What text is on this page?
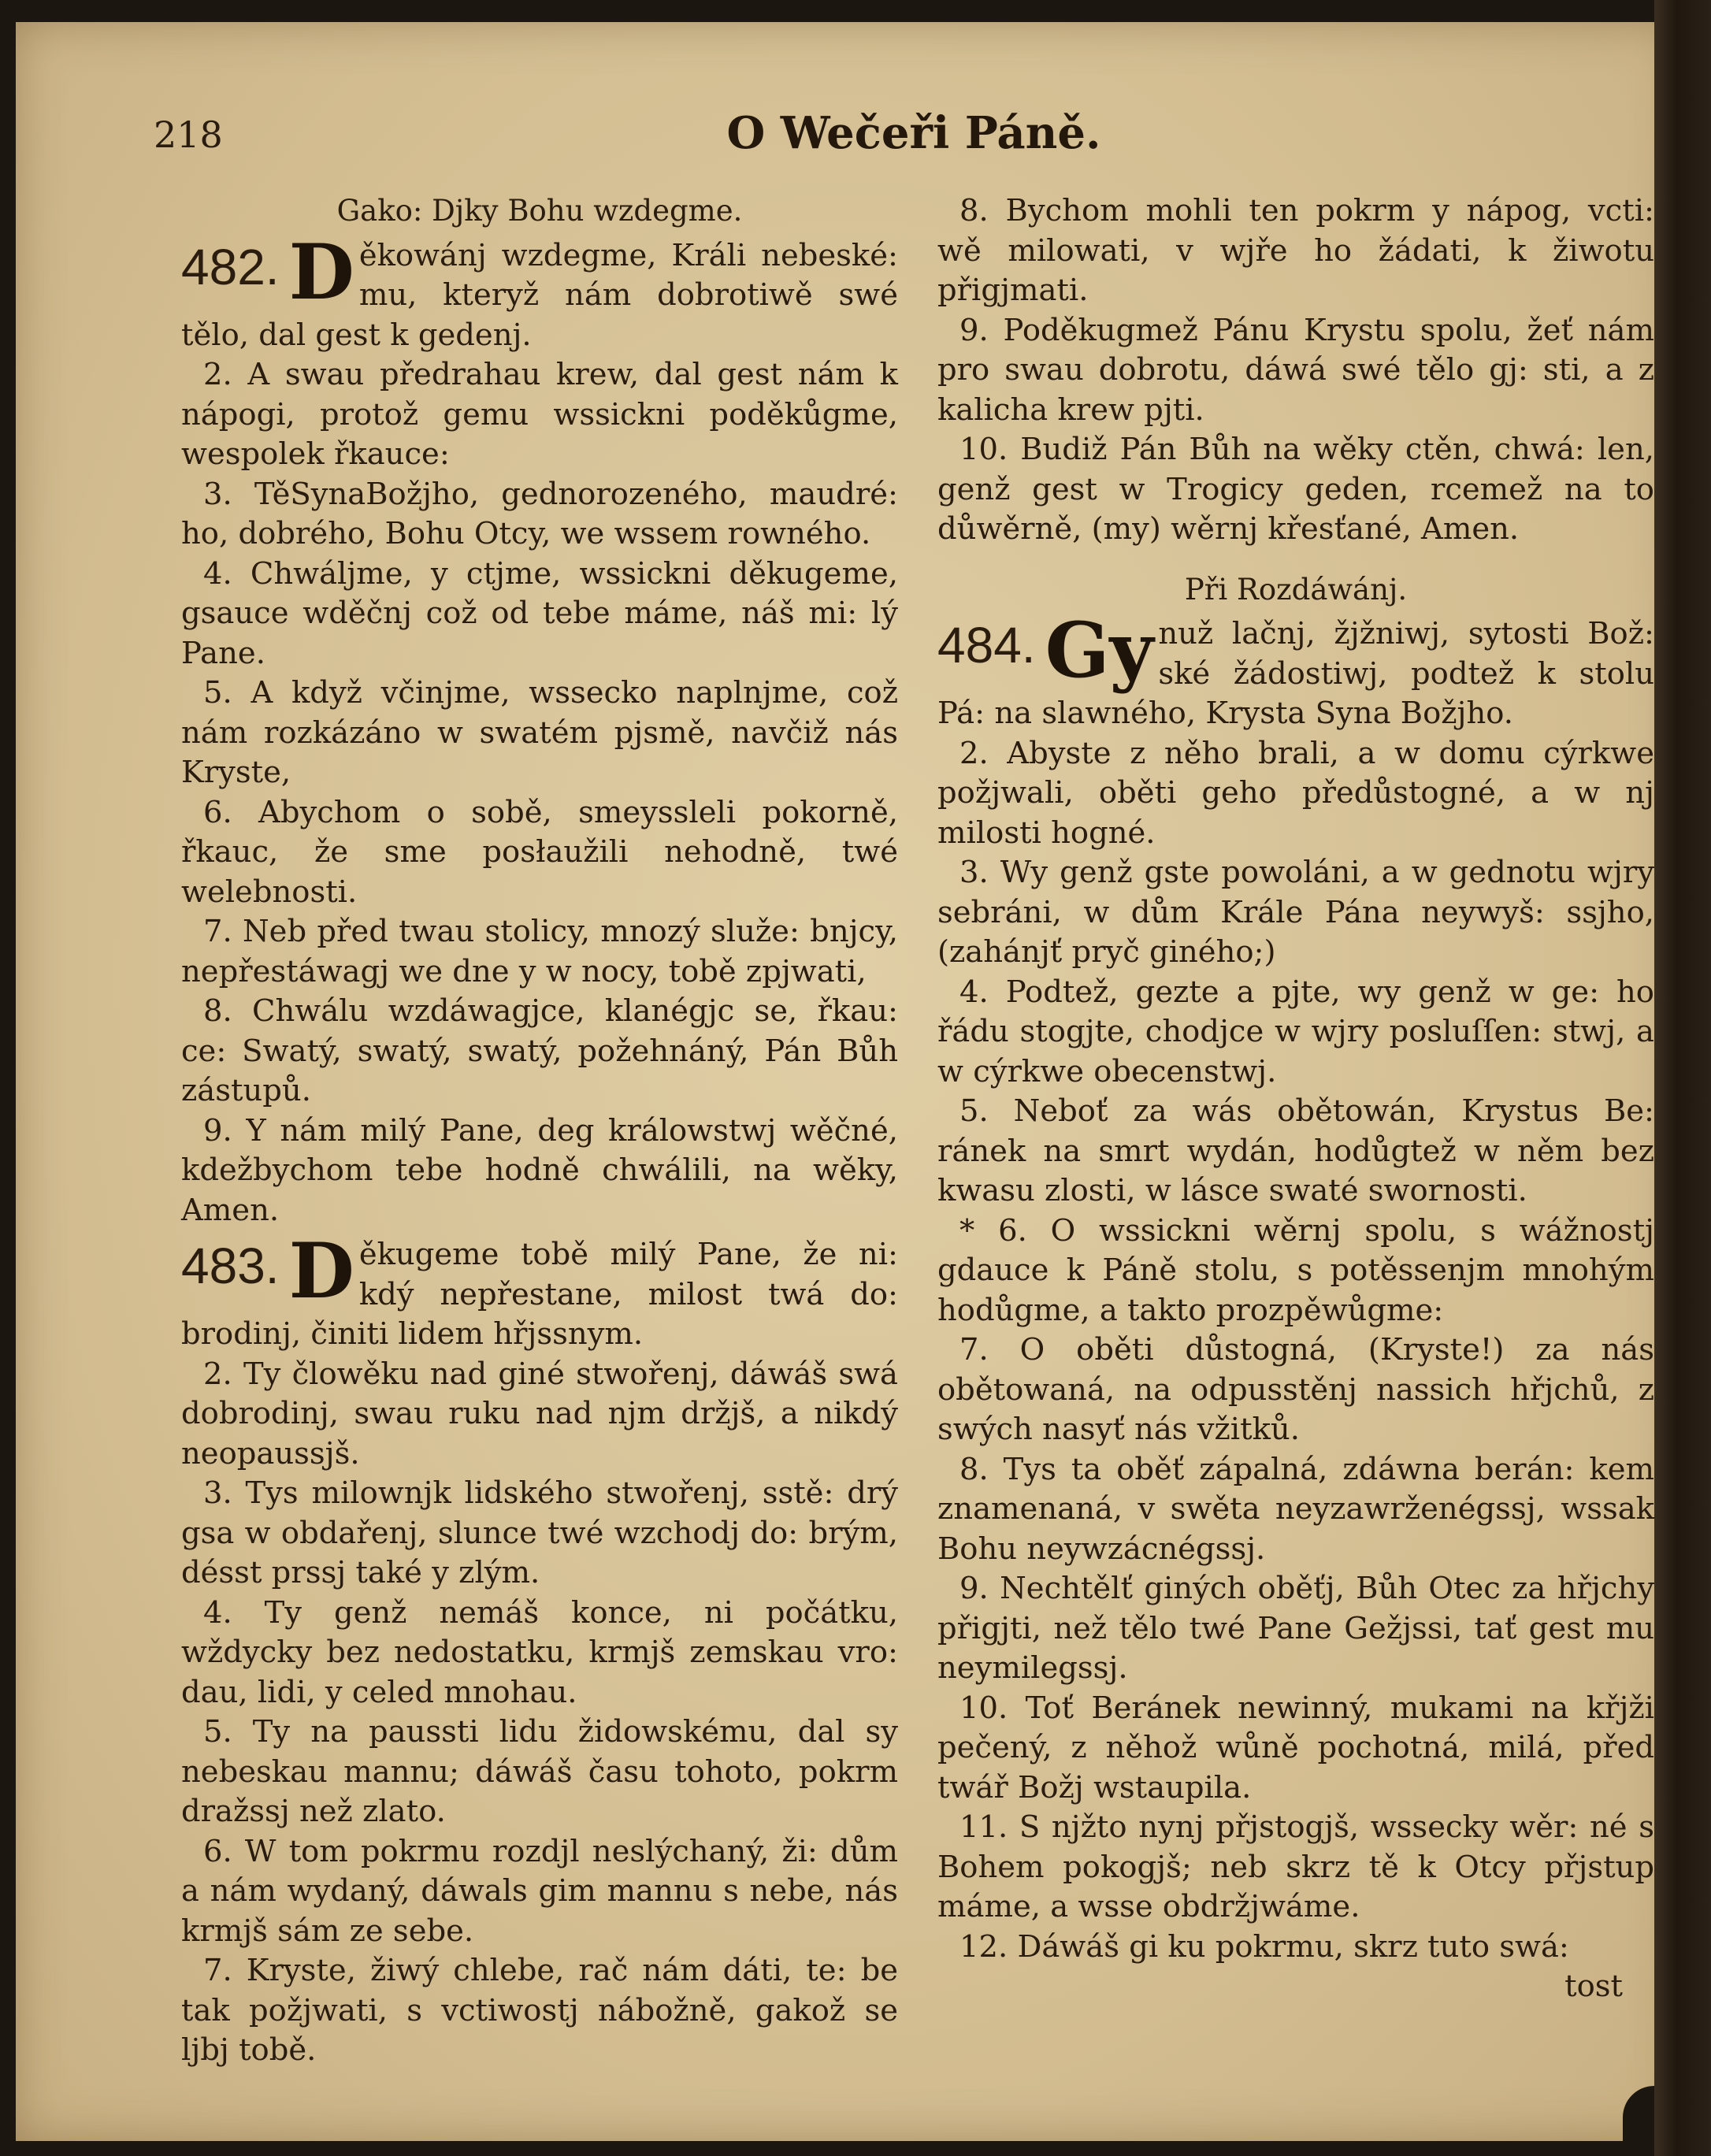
218	O Wečeři Páně.
Gako: Djky Bohu wzdegme.
482. D ěkowánj wzdegme, Králi nebeské: mu, kteryž nám dobrotiwě swé tělo, dal gest k gedenj.

2. A swau předrahau krew, dal gest nám k nápogi, protož gemu wssickni poděkůgme, wespolek řkauce:

3. TěSynaBožjho, gednorozeného, maudré: ho, dobrého, Bohu Otcy, we wssem rowného.

4. Chwáljme, y ctjme, wssickni děkugeme, gsauce wděčnj což od tebe máme, náš mi: lý Pane.

5. A když včinjme, wssecko naplnjme, což nám rozkázáno w swatém pjsmě, navčiž nás Kryste,

6. Abychom o sobě, smeyssleli pokorně, řkauc, že sme posłaužili nehodně, twé welebnosti.

7. Neb před twau stolicy, mnozý služe: bnjcy, nepřestáwagj we dne y w nocy, tobě zpjwati,

8. Chwálu wzdáwagjce, klanégjc se, řkau: ce: Swatý, swatý, swatý, požehnáný, Pán Bůh zástupů.

9. Y nám milý Pane, deg králowstwj wěčné, kdežbychom tebe hodně chwálili, na wěky, Amen.

483. D ěkugeme tobě milý Pane, že ni: kdý nepřestane, milost twá do: brodinj, činiti lidem hřjssnym.

2. Ty člowěku nad giné stwořenj, dáwáš swá dobrodinj, swau ruku nad njm držjš, a nikdý neopaussjš.

3. Tys milownjk lidského stwořenj, sstě: drý gsa w obdařenj, slunce twé wzchodj do: brým, désst prssj také y zlým.

4. Ty genž nemáš konce, ni počátku, wždycky bez nedostatku, krmjš zemskau vro: dau, lidi, y celed mnohau.

5. Ty na paussti lidu židowskému, dal sy nebeskau mannu; dáwáš času tohoto, pokrm dražssj než zlato.

6. W tom pokrmu rozdjl neslýchaný, ži: dům a nám wydaný, dáwals gim mannu s nebe, nás krmjš sám ze sebe.

7. Kryste, žiwý chlebe, rač nám dáti, te: be tak požjwati, s vctiwostj nábožně, gakož se ljbj tobě.

8. Bychom mohli ten pokrm y nápog, vcti: wě milowati, v wjře ho žádati, k žiwotu přigjmati.

9. Poděkugmež Pánu Krystu spolu, žeť nám pro swau dobrotu, dáwá swé tělo gj: sti, a z kalicha krew pjti.

10. Budiž Pán Bůh na wěky ctěn, chwá: len, genž gest w Trogicy geden, rcemež na to důwěrně, (my) wěrnj křesťané, Amen.

Při Rozdáwánj.
484. Gy nuž lačnj, žjžniwj, sytosti Bož: ské žádostiwj, podtež k stolu Pá: na slawného, Krysta Syna Božjho.

2. Abyste z něho brali, a w domu cýrkwe požjwali, oběti geho předůstogné, a w nj milosti hogné.

3. Wy genž gste powoláni, a w gednotu wjry sebráni, w dům Krále Pána neywyš: ssjho, (zahánjť pryč giného;)

4. Podtež, gezte a pjte, wy genž w ge: ho řádu stogjte, chodjce w wjry posluſſen: stwj, a w cýrkwe obecenstwj.

5. Neboť za wás obětowán, Krystus Be: ránek na smrt wydán, hodůgtež w něm bez kwasu zlosti, w lásce swaté swornosti.

* 6. O wssickni wěrnj spolu, s wážnostj gdauce k Páně stolu, s potěssenjm mnohým hodůgme, a takto prozpěwůgme:

7. O oběti důstogná, (Kryste!) za nás obětowaná, na odpusstěnj nassich hřjchů, z swých nasyť nás vžitků.

8. Tys ta oběť zápalná, zdáwna berán: kem znamenaná, v swěta neyzawrženégssj, wssak Bohu neywzácnégssj.

9. Nechtělť giných oběťj, Bůh Otec za hřjchy přigjti, než tělo twé Pane Gežjssi, tať gest mu neymilegssj.

10. Toť Beránek newinný, mukami na křjži pečený, z něhož wůně pochotná, milá, před twář Božj wstaupila.

11. S njžto nynj přjstogjš, wssecky wěr: né s Bohem pokogjš; neb skrz tě k Otcy přjstup máme, a wsse obdržjwáme.

12. Dáwáš gi ku pokrmu, skrz tuto swá:

tost
